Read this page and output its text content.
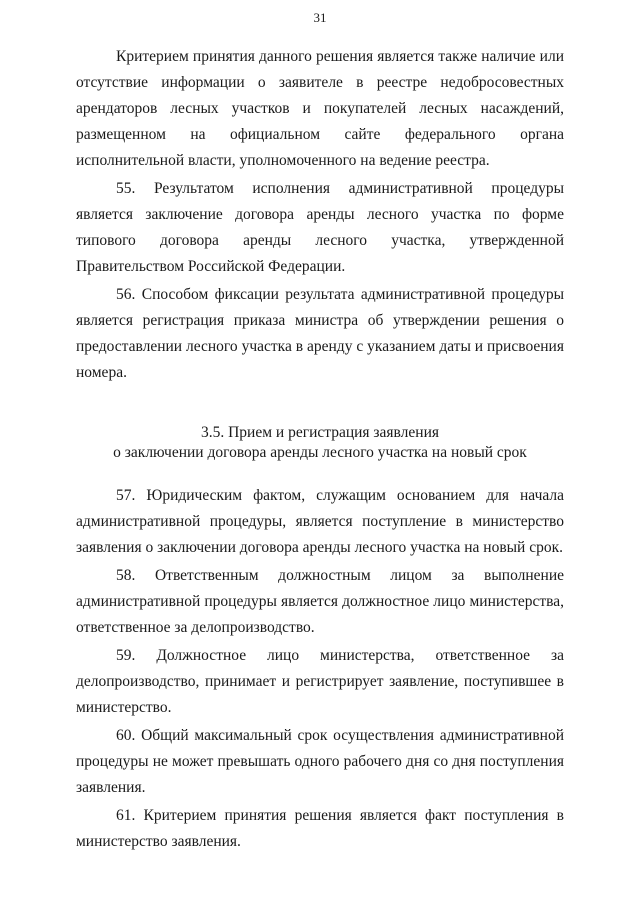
31

Критерием принятия данного решения является также наличие или отсутствие информации о заявителе в реестре недобросовестных арендаторов лесных участков и покупателей лесных насаждений, размещенном на официальном сайте федерального органа исполнительной власти, уполномоченного на ведение реестра.

55. Результатом исполнения административной процедуры является заключение договора аренды лесного участка по форме типового договора аренды лесного участка, утвержденной Правительством Российской Федерации.

56. Способом фиксации результата административной процедуры является регистрация приказа министра об утверждении решения о предоставлении лесного участка в аренду с указанием даты и присвоения номера.

3.5. Прием и регистрация заявления
о заключении договора аренды лесного участка на новый срок

57. Юридическим фактом, служащим основанием для начала административной процедуры, является поступление в министерство заявления о заключении договора аренды лесного участка на новый срок.

58. Ответственным должностным лицом за выполнение административной процедуры является должностное лицо министерства, ответственное за делопроизводство.

59. Должностное лицо министерства, ответственное за делопроизводство, принимает и регистрирует заявление, поступившее в министерство.

60. Общий максимальный срок осуществления административной процедуры не может превышать одного рабочего дня со дня поступления заявления.

61. Критерием принятия решения является факт поступления в министерство заявления.
